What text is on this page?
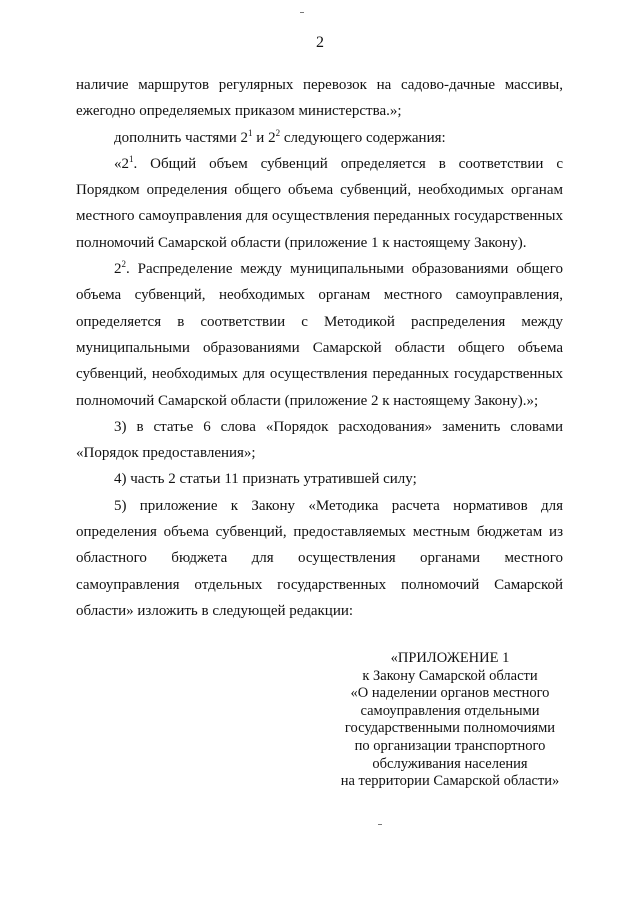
2

наличие маршрутов регулярных перевозок на садово-дачные массивы, ежегодно определяемых приказом министерства.»;

дополнить частями $2^1$ и $2^2$ следующего содержания:

«$2^1$. Общий объем субвенций определяется в соответствии с Порядком определения общего объема субвенций, необходимых органам местного самоуправления для осуществления переданных государственных полномочий Самарской области (приложение 1 к настоящему Закону).

$2^2$. Распределение между муниципальными образованиями общего объема субвенций, необходимых органам местного самоуправления, определяется в соответствии с Методикой распределения между муниципальными образованиями Самарской области общего объема субвенций, необходимых для осуществления переданных государственных полномочий Самарской области (приложение 2 к настоящему Закону).»;

3) в статье 6 слова «Порядок расходования» заменить словами «Порядок предоставления»;

4) часть 2 статьи 11 признать утратившей силу;

5) приложение к Закону «Методика расчета нормативов для определения объема субвенций, предоставляемых местным бюджетам из областного бюджета для осуществления органами местного самоуправления отдельных государственных полномочий Самарской области» изложить в следующей редакции:

«ПРИЛОЖЕНИЕ 1
к Закону Самарской области
«О наделении органов местного
самоуправления отдельными
государственными полномочиями
по организации транспортного
обслуживания населения
на территории Самарской области»
